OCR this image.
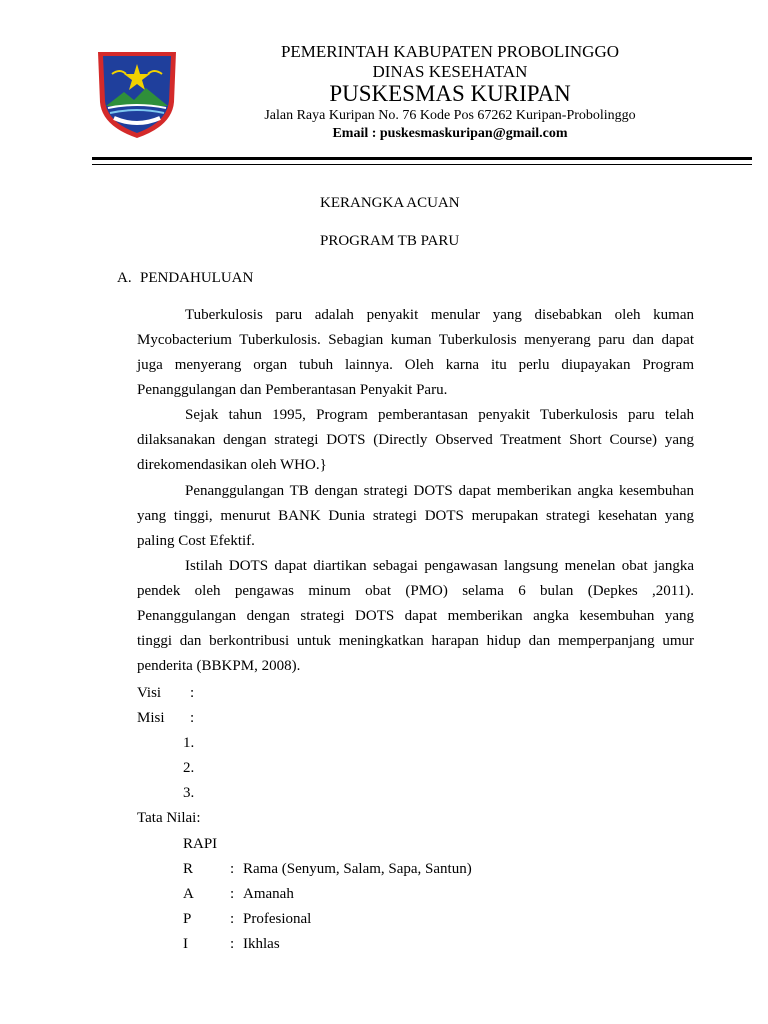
PEMERINTAH KABUPATEN PROBOLINGGO
DINAS KESEHATAN
PUSKESMAS KURIPAN
Jalan Raya Kuripan No. 76 Kode Pos 67262 Kuripan-Probolinggo
Email : puskesmaskuripan@gmail.com
KERANGKA ACUAN
PROGRAM TB PARU
A. PENDAHULUAN
Tuberkulosis paru adalah penyakit menular yang disebabkan oleh kuman
Mycobacterium Tuberkulosis. Sebagian kuman Tuberkulosis menyerang paru dan dapat
juga menyerang organ tubuh lainnya. Oleh karna itu perlu diupayakan Program
Penanggulangan dan Pemberantasan Penyakit Paru.
Sejak tahun 1995, Program pemberantasan penyakit Tuberkulosis paru telah
dilaksanakan dengan strategi DOTS (Directly Observed Treatment Short Course) yang
direkomendasikan oleh WHO.}
Penanggulangan TB dengan strategi DOTS dapat memberikan angka kesembuhan
yang tinggi, menurut BANK Dunia strategi DOTS merupakan strategi kesehatan yang
paling Cost Efektif.
Istilah DOTS dapat diartikan sebagai pengawasan langsung menelan obat jangka
pendek oleh pengawas minum obat (PMO) selama 6 bulan (Depkes ,2011).
Penanggulangan dengan strategi DOTS dapat memberikan angka kesembuhan yang
tinggi dan berkontribusi untuk meningkatkan harapan hidup dan memperpanjang umur
penderita (BBKPM, 2008).
Visi :
Misi :
1.
2.
3.
Tata Nilai:
RAPI
R : Rama (Senyum, Salam, Sapa, Santun)
A : Amanah
P	: Profesional
I	: Ikhlas
